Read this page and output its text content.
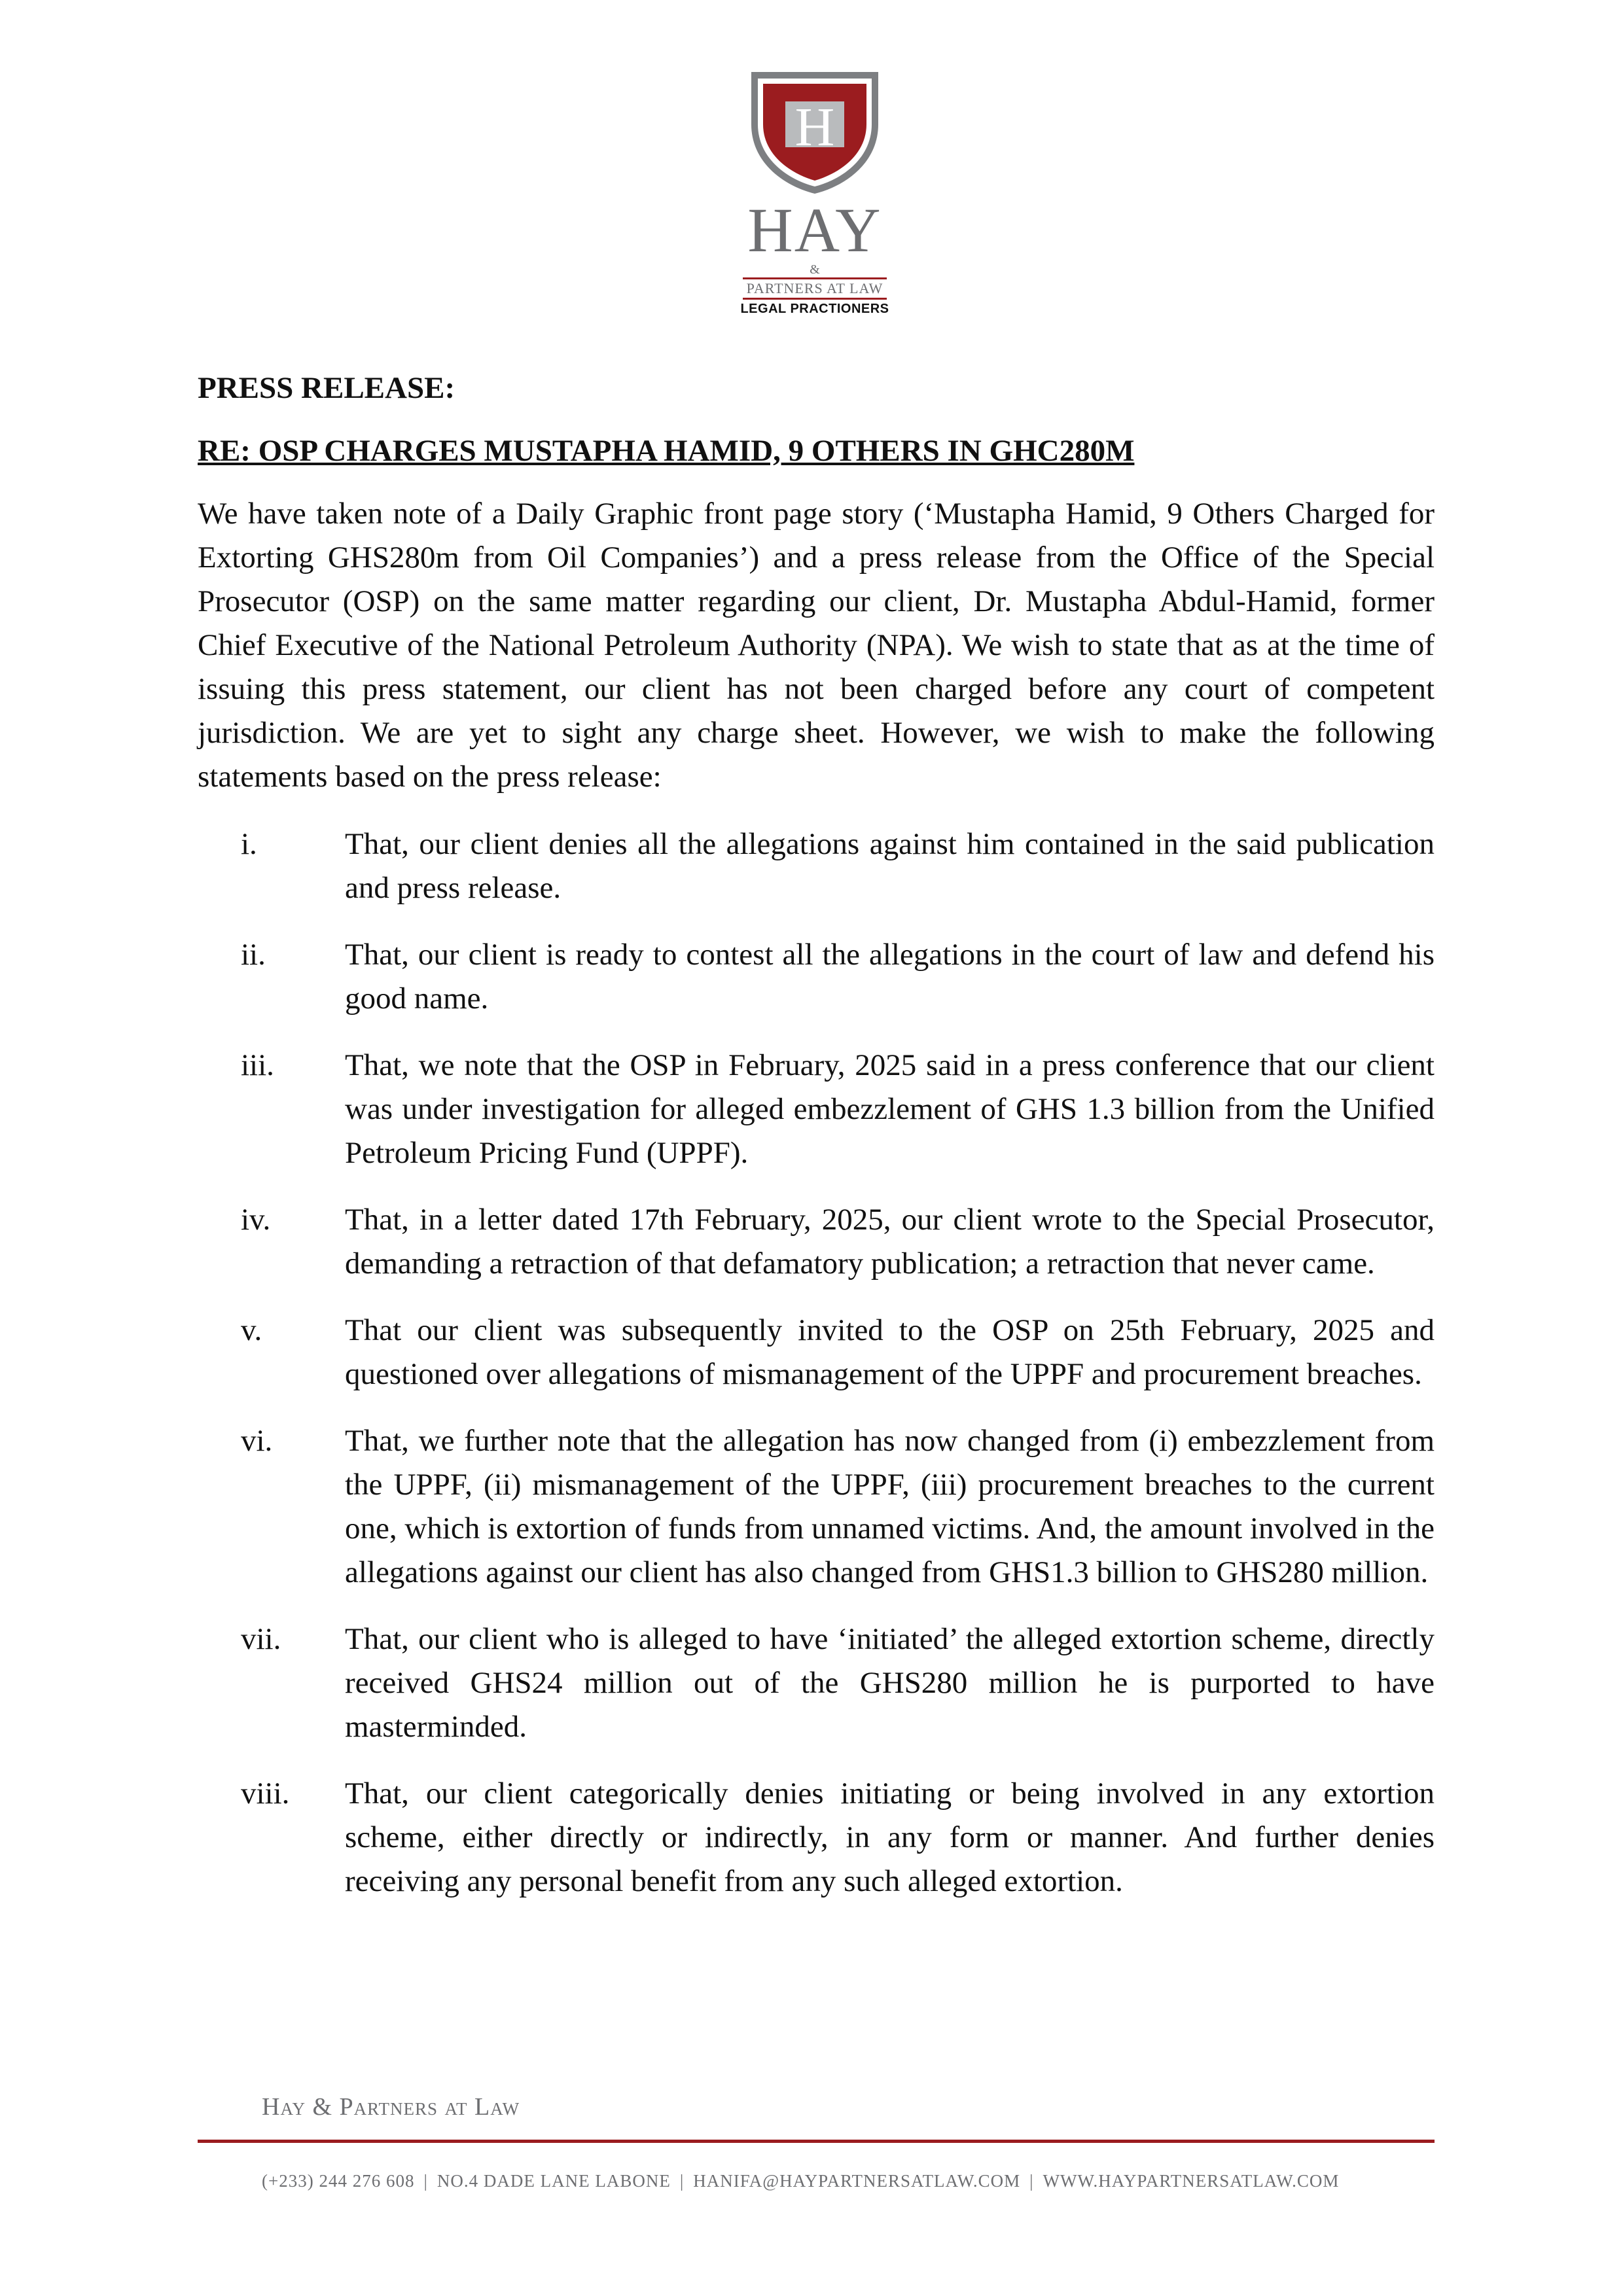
H
HAY
&
PARTNERS AT LAW
LEGAL PRACTIONERS
PRESS RELEASE:
RE: OSP CHARGES MUSTAPHA HAMID, 9 OTHERS IN GHC280M

We have taken note of a Daily Graphic front page story (‘Mustapha Hamid, 9 Others Charged for Extorting GHS280m from Oil Companies’) and a press release from the Office of the Special Prosecutor (OSP) on the same matter regarding our client, Dr. Mustapha Abdul-Hamid, former Chief Executive of the National Petroleum Authority (NPA). We wish to state that as at the time of issuing this press statement, our client has not been charged before any court of competent jurisdiction. We are yet to sight any charge sheet. However, we wish to make the following statements based on the press release:

i.	That, our client denies all the allegations against him contained in the said publication and press release.
ii.	That, our client is ready to contest all the allegations in the court of law and defend his good name.
iii.	That, we note that the OSP in February, 2025 said in a press conference that our client was under investigation for alleged embezzlement of GHS 1.3 billion from the Unified Petroleum Pricing Fund (UPPF).
iv.	That, in a letter dated 17th February, 2025, our client wrote to the Special Prosecutor, demanding a retraction of that defamatory publication; a retraction that never came.
v.	That our client was subsequently invited to the OSP on 25th February, 2025 and questioned over allegations of mismanagement of the UPPF and procurement breaches.
vi.	That, we further note that the allegation has now changed from (i) embezzlement from the UPPF, (ii) mismanagement of the UPPF, (iii) procurement breaches to the current one, which is extortion of funds from unnamed victims. And, the amount involved in the allegations against our client has also changed from GHS1.3 billion to GHS280 million.
vii.	That, our client who is alleged to have ‘initiated’ the alleged extortion scheme, directly received GHS24 million out of the GHS280 million he is purported to have masterminded.
viii.	That, our client categorically denies initiating or being involved in any extortion scheme, either directly or indirectly, in any form or manner. And further denies receiving any personal benefit from any such alleged extortion.
Hay & Partners at Law
(+233) 244 276 608 | NO.4 DADE LANE LABONE | HANIFA@HAYPARTNERSATLAW.COM | WWW.HAYPARTNERSATLAW.COM
